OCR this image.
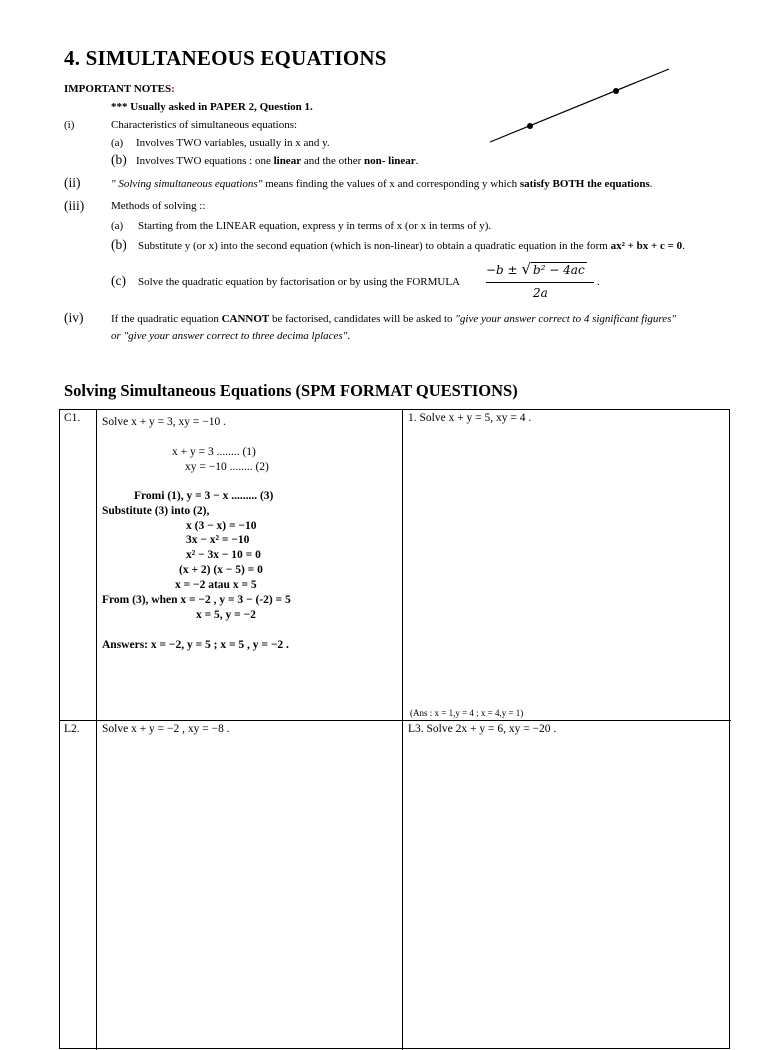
4. SIMULTANEOUS EQUATIONS
IMPORTANT NOTES:
*** Usually asked in PAPER 2, Question 1.
(i)	Characteristics of simultaneous equations:
(a) Involves TWO variables, usually in x and y.
(b) Involves TWO equations : one linear and the other non- linear.
(ii)	" Solving simultaneous equations" means finding the values of x and corresponding y which satisfy BOTH the equations.
(iii) Methods of solving ::
(a) Starting from the LINEAR equation, express y in terms of x (or x in terms of y).
(b) Substitute y (or x) into the second equation (which is non-linear) to obtain a quadratic equation in the form ax² + bx + c = 0.
(c) Solve the quadratic equation by factorisation or by using the FORMULA
−b ± √ b² − 4ac
2a
.
(iv)	If the quadratic equation CANNOT be factorised, candidates will be asked to "give your answer correct to 4 significant figures"
or "give your answer correct to three decima lplaces".
Solving Simultaneous Equations (SPM FORMAT QUESTIONS)
C1. Solve x + y = 3, xy = −10 .
x + y = 3 ........ (1)
xy = −10 ........ (2)
Fromi (1), y = 3 − x ......... (3)
Substitute (3) into (2),
x (3 − x) = −10
3x − x² = −10
x² − 3x − 10 = 0
(x + 2) (x − 5) = 0
x = −2 atau x = 5
From (3), when x = −2 , y = 3 − (-2) = 5
x = 5, y = −2
Answers: x = −2, y = 5 ; x = 5 , y = −2 .
1. Solve x + y = 5, xy = 4 .
(Ans : x = 1,y = 4 ; x = 4,y = 1)
L2. Solve x + y = −2 , xy = −8 .	L3. Solve 2x + y = 6, xy = −20 .
